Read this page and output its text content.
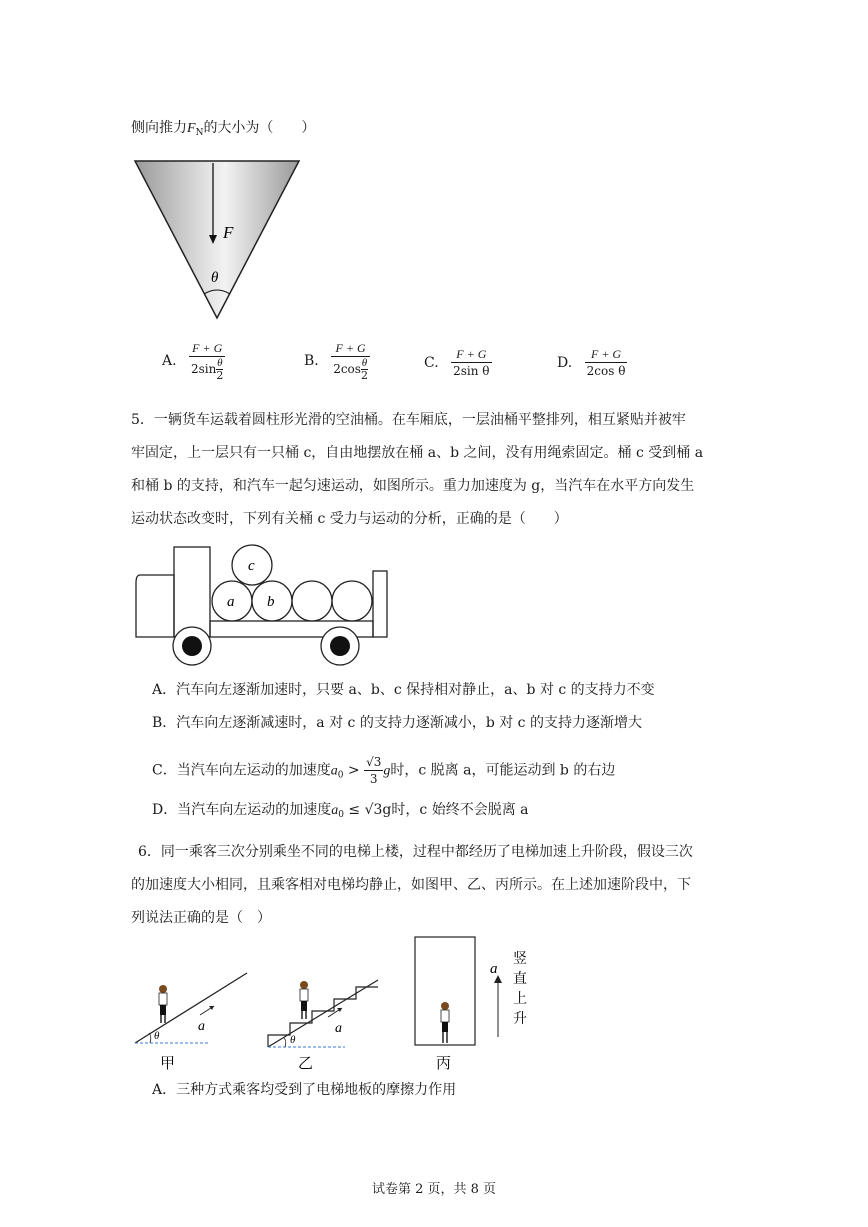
侧向推力$F_N$的大小为（　　）
F
θ
A. $\frac{F + G}{2\sin \frac{\theta}{2}}$	B. $\frac{F + G}{2\cos \frac{\theta}{2}}$	C. $\frac{F + G}{\text{2sin θ}}$	D. $\frac{F + G}{\text{2cos θ}}$
5．一辆货车运载着圆柱形光滑的空油桶。在车厢底，一层油桶平整排列，相互紧贴并被牢
牢固定，上一层只有一只桶 c，自由地摆放在桶 a、b 之间，没有用绳索固定。桶 c 受到桶 a
和桶 b 的支持，和汽车一起匀速运动，如图所示。重力加速度为 g，当汽车在水平方向发生
运动状态改变时，下列有关桶 c 受力与运动的分析，正确的是（　　）
c
a b
A．汽车向左逐渐加速时，只要 a、b、c 保持相对静止，a、b 对 c 的支持力不变
B．汽车向左逐渐减速时，a 对 c 的支持力逐渐减小，b 对 c 的支持力逐渐增大
C．当汽车向左运动的加速度$a_0 > \frac{√3}{3}$ g时，c 脱离 a，可能运动到 b 的右边
D．当汽车向左运动的加速度$a_0 \le √3g$时，c 始终不会脱离 a
6．同一乘客三次分别乘坐不同的电梯上楼，过程中都经历了电梯加速上升阶段，假设三次
的加速度大小相同，且乘客相对电梯均静止，如图甲、乙、丙所示。在上述加速阶段中，下
列说法正确的是（　）
θ
a
甲
θ
a
乙	丙
a
竖
直
上
升
A．三种方式乘客均受到了电梯地板的摩擦力作用
试卷第 2 页，共 8 页
